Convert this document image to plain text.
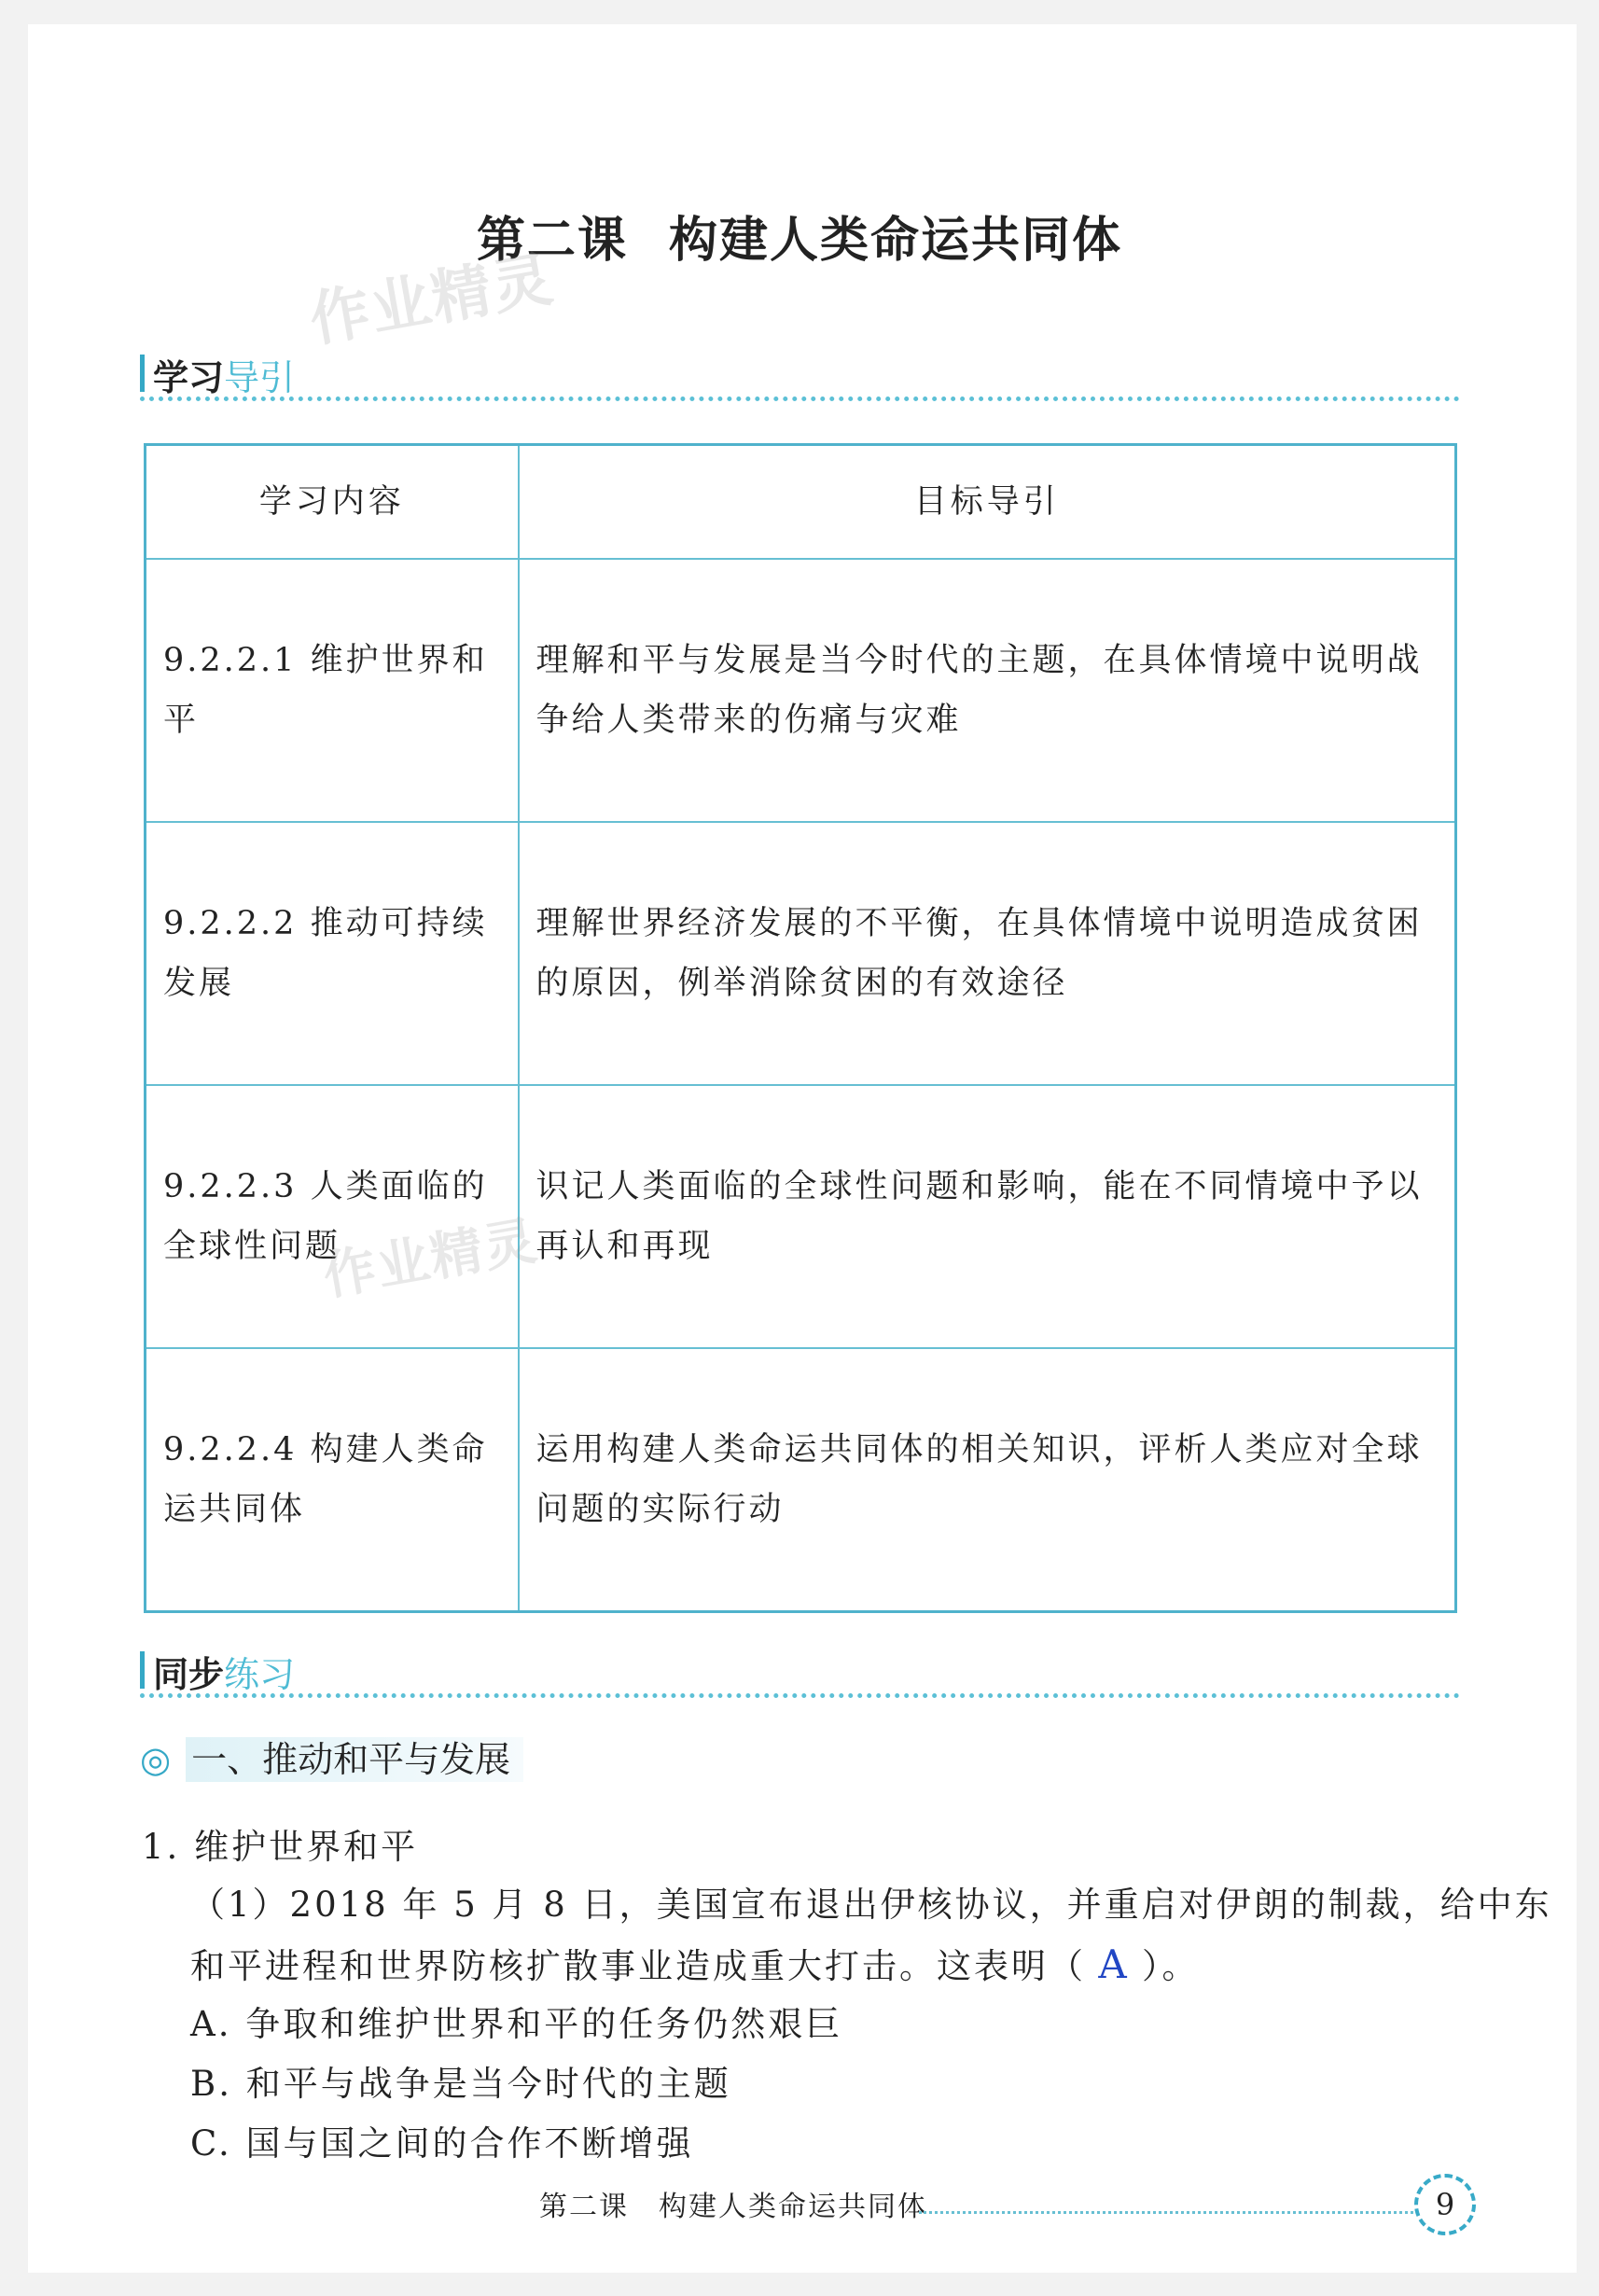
第二课 构建人类命运共同体
作业精灵
学习导引
学习内容	目标导引
9.2.2.1 维护世界和平	理解和平与发展是当今时代的主题，在具体情境中说明战争给人类带来的伤痛与灾难
9.2.2.2 推动可持续发展	理解世界经济发展的不平衡，在具体情境中说明造成贫困的原因，例举消除贫困的有效途径
9.2.2.3 人类面临的全球性问题	识记人类面临的全球性问题和影响，能在不同情境中予以再认和再现
9.2.2.4 构建人类命运共同体	运用构建人类命运共同体的相关知识，评析人类应对全球问题的实际行动
作业精灵
同步练习
◎ 一、推动和平与发展
1. 维护世界和平
（1）2018 年 5 月 8 日，美国宣布退出伊核协议，并重启对伊朗的制裁，给中东
和平进程和世界防核扩散事业造成重大打击。这表明（ A ）。
A. 争取和维护世界和平的任务仍然艰巨
B. 和平与战争是当今时代的主题
C. 国与国之间的合作不断增强
第二课　构建人类命运共同体	9
